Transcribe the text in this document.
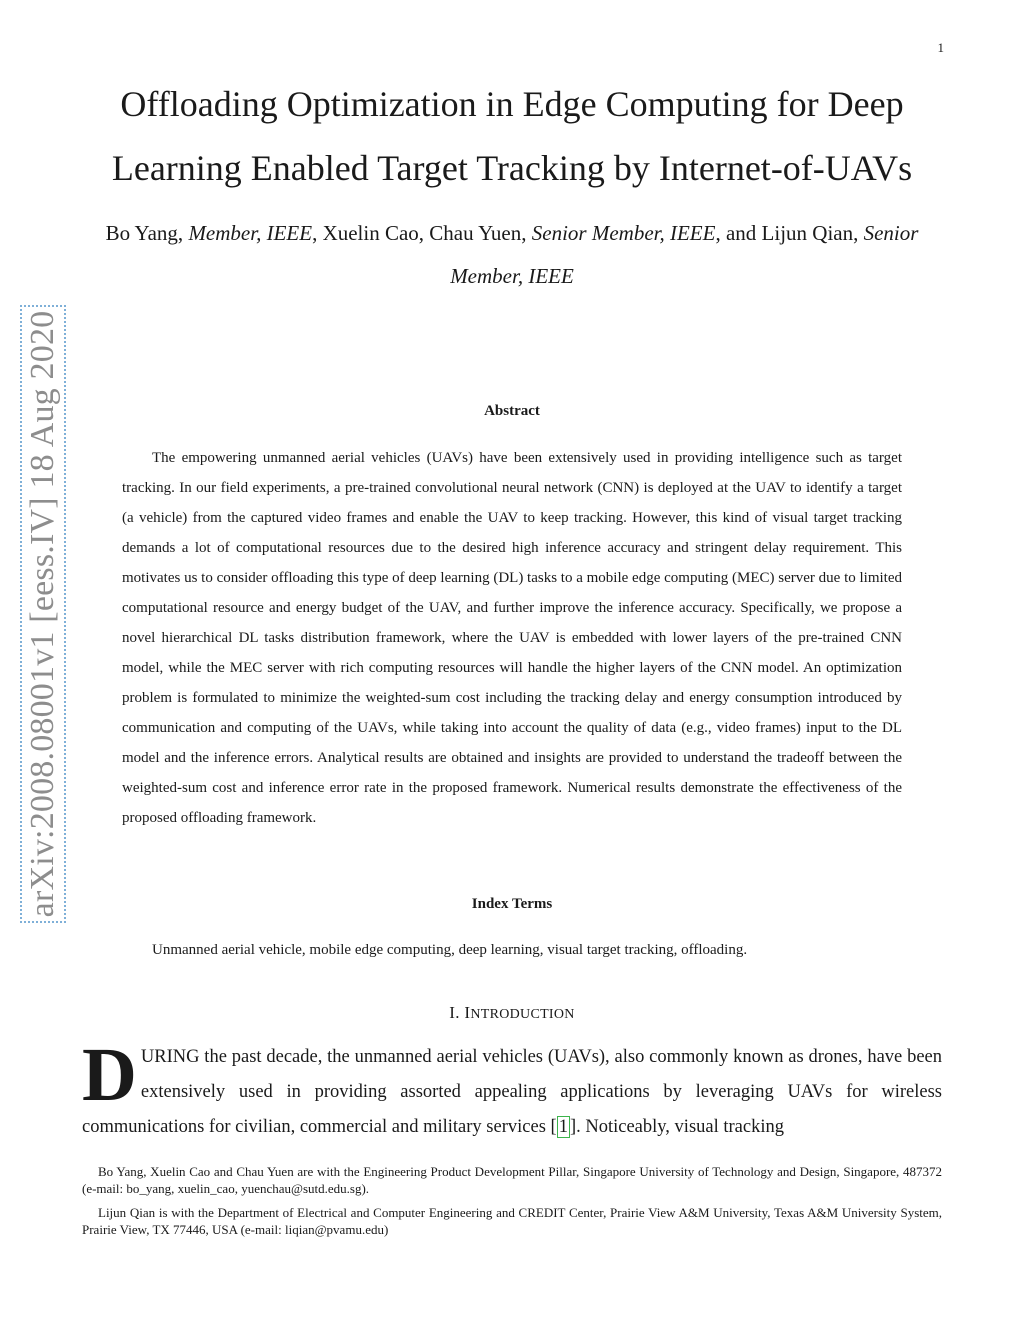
1
arXiv:2008.08001v1 [eess.IV] 18 Aug 2020
Offloading Optimization in Edge Computing for Deep
Learning Enabled Target Tracking by Internet-of-UAVs
Bo Yang, Member, IEEE, Xuelin Cao, Chau Yuen, Senior Member, IEEE, and Lijun Qian, Senior Member, IEEE
Abstract

The empowering unmanned aerial vehicles (UAVs) have been extensively used in providing intelligence such as target tracking. In our field experiments, a pre-trained convolutional neural network (CNN) is deployed at the UAV to identify a target (a vehicle) from the captured video frames and enable the UAV to keep tracking. However, this kind of visual target tracking demands a lot of computational resources due to the desired high inference accuracy and stringent delay requirement. This motivates us to consider offloading this type of deep learning (DL) tasks to a mobile edge computing (MEC) server due to limited computational resource and energy budget of the UAV, and further improve the inference accuracy. Specifically, we propose a novel hierarchical DL tasks distribution framework, where the UAV is embedded with lower layers of the pre-trained CNN model, while the MEC server with rich computing resources will handle the higher layers of the CNN model. An optimization problem is formulated to minimize the weighted-sum cost including the tracking delay and energy consumption introduced by communication and computing of the UAVs, while taking into account the quality of data (e.g., video frames) input to the DL model and the inference errors. Analytical results are obtained and insights are provided to understand the tradeoff between the weighted-sum cost and inference error rate in the proposed framework. Numerical results demonstrate the effectiveness of the proposed offloading framework.

Index Terms

Unmanned aerial vehicle, mobile edge computing, deep learning, visual target tracking, offloading.

I. INTRODUCTION

DURING the past decade, the unmanned aerial vehicles (UAVs), also commonly known as drones, have been extensively used in providing assorted appealing applications by leveraging UAVs for wireless communications for civilian, commercial and military services [ 1 ]. Noticeably, visual tracking

Bo Yang, Xuelin Cao and Chau Yuen are with the Engineering Product Development Pillar, Singapore University of Technology and Design, Singapore, 487372 (e-mail: bo_yang, xuelin_cao, yuenchau@sutd.edu.sg).

Lijun Qian is with the Department of Electrical and Computer Engineering and CREDIT Center, Prairie View A&M University, Texas A&M University System, Prairie View, TX 77446, USA (e-mail: liqian@pvamu.edu)
